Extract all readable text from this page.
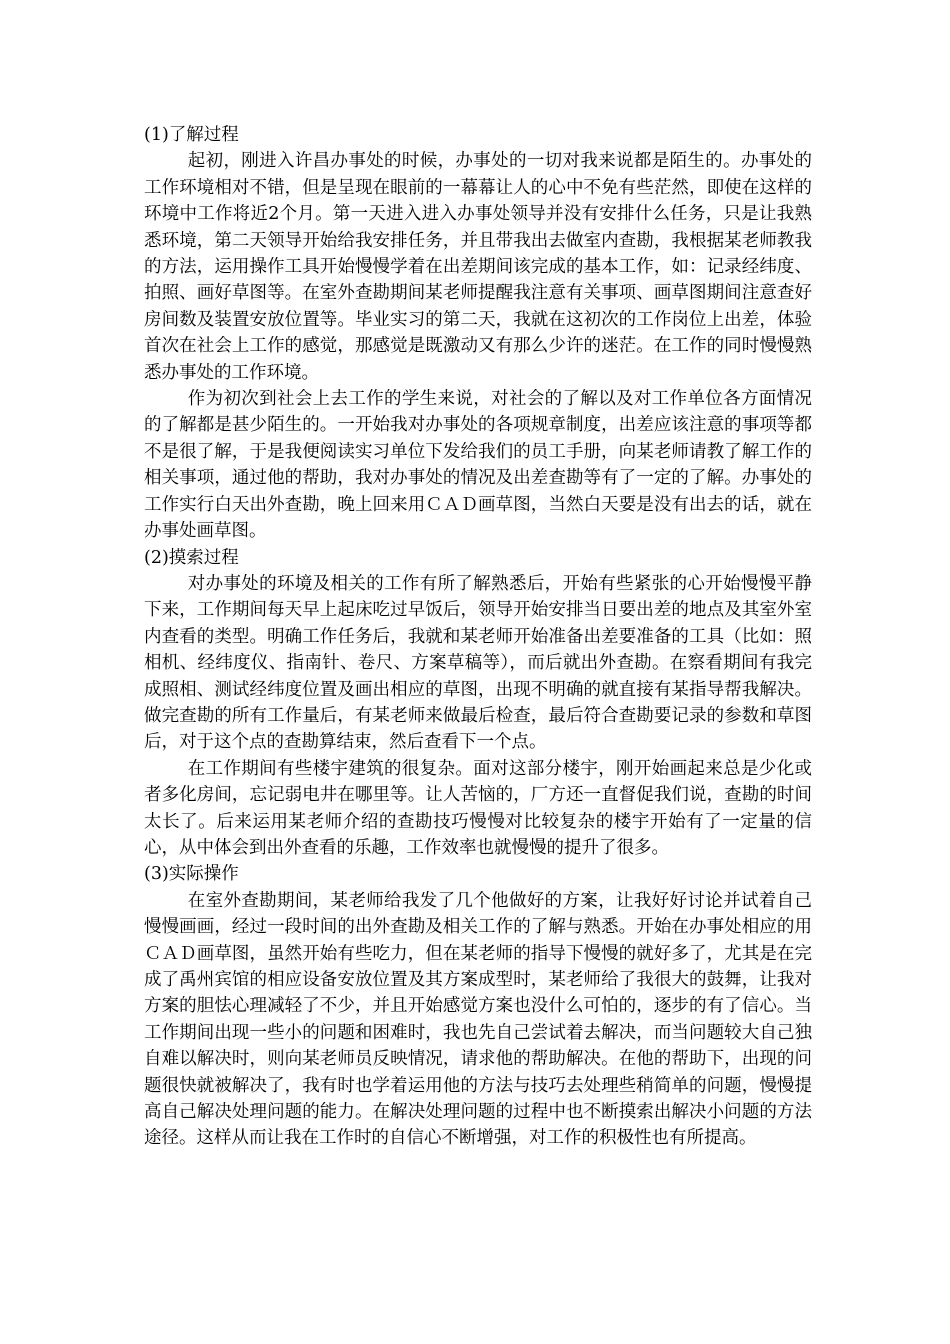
(1)了解过程

起初，刚进入许昌办事处的时候，办事处的一切对我来说都是陌生的。办事处的工作环境相对不错，但是呈现在眼前的一幕幕让人的心中不免有些茫然，即使在这样的环境中工作将近2个月。第一天进入进入办事处领导并没有安排什么任务，只是让我熟悉环境，第二天领导开始给我安排任务，并且带我出去做室内查勘，我根据某老师教我的方法，运用操作工具开始慢慢学着在出差期间该完成的基本工作，如：记录经纬度、拍照、画好草图等。在室外查勘期间某老师提醒我注意有关事项、画草图期间注意查好房间数及装置安放位置等。毕业实习的第二天，我就在这初次的工作岗位上出差，体验首次在社会上工作的感觉，那感觉是既激动又有那么少许的迷茫。在工作的同时慢慢熟悉办事处的工作环境。

作为初次到社会上去工作的学生来说，对社会的了解以及对工作单位各方面情况的了解都是甚少陌生的。一开始我对办事处的各项规章制度，出差应该注意的事项等都不是很了解，于是我便阅读实习单位下发给我们的员工手册，向某老师请教了解工作的相关事项，通过他的帮助，我对办事处的情况及出差查勘等有了一定的了解。办事处的工作实行白天出外查勘，晚上回来用ＣＡＤ画草图，当然白天要是没有出去的话，就在办事处画草图。

(2)摸索过程

对办事处的环境及相关的工作有所了解熟悉后，开始有些紧张的心开始慢慢平静下来，工作期间每天早上起床吃过早饭后，领导开始安排当日要出差的地点及其室外室内查看的类型。明确工作任务后，我就和某老师开始准备出差要准备的工具（比如：照相机、经纬度仪、指南针、卷尺、方案草稿等），而后就出外查勘。在察看期间有我完成照相、测试经纬度位置及画出相应的草图，出现不明确的就直接有某指导帮我解决。做完查勘的所有工作量后，有某老师来做最后检查，最后符合查勘要记录的参数和草图后，对于这个点的查勘算结束，然后查看下一个点。

在工作期间有些楼宇建筑的很复杂。面对这部分楼宇，刚开始画起来总是少化或者多化房间，忘记弱电井在哪里等。让人苦恼的，厂方还一直督促我们说，查勘的时间太长了。后来运用某老师介绍的查勘技巧慢慢对比较复杂的楼宇开始有了一定量的信心，从中体会到出外查看的乐趣，工作效率也就慢慢的提升了很多。

(3)实际操作

在室外查勘期间，某老师给我发了几个他做好的方案，让我好好讨论并试着自己慢慢画画，经过一段时间的出外查勘及相关工作的了解与熟悉。开始在办事处相应的用ＣＡＤ画草图，虽然开始有些吃力，但在某老师的指导下慢慢的就好多了，尤其是在完成了禹州宾馆的相应设备安放位置及其方案成型时，某老师给了我很大的鼓舞，让我对方案的胆怯心理减轻了不少，并且开始感觉方案也没什么可怕的，逐步的有了信心。当工作期间出现一些小的问题和困难时，我也先自己尝试着去解决，而当问题较大自己独自难以解决时，则向某老师员反映情况，请求他的帮助解决。在他的帮助下，出现的问题很快就被解决了，我有时也学着运用他的方法与技巧去处理些稍简单的问题，慢慢提高自己解决处理问题的能力。在解决处理问题的过程中也不断摸索出解决小问题的方法途径。这样从而让我在工作时的自信心不断增强，对工作的积极性也有所提高。
